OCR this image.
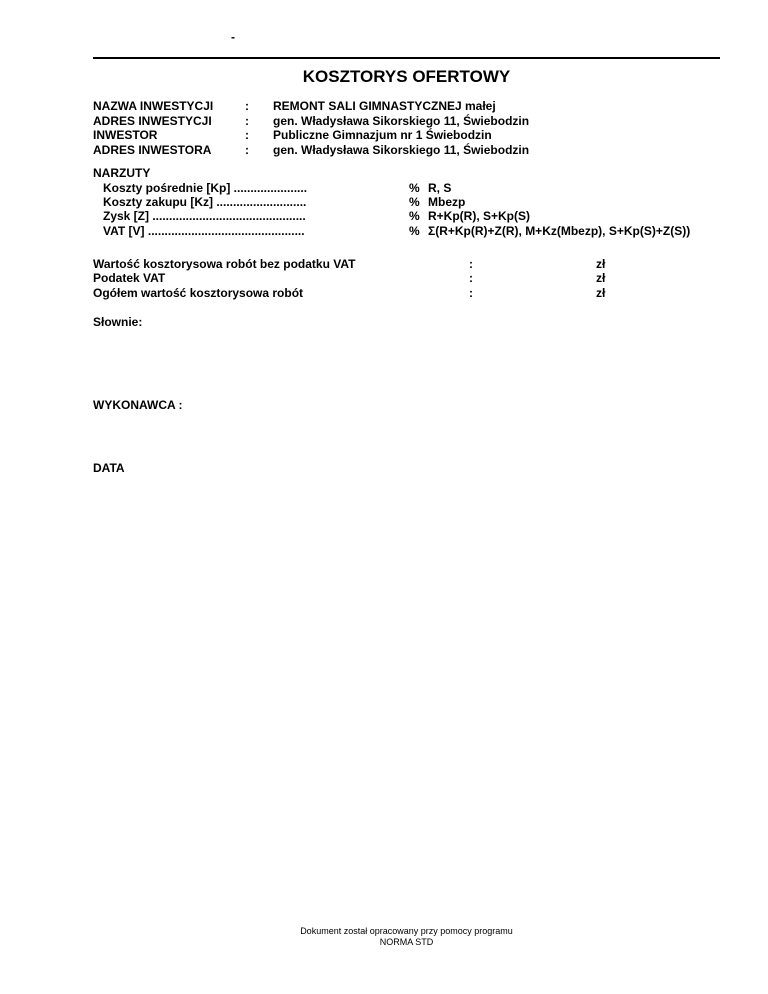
-
KOSZTORYS OFERTOWY
NAZWA INWESTYCJI	: REMONT SALI GIMNASTYCZNEJ małej
ADRES INWESTYCJI	: gen. Władysława Sikorskiego 11, Świebodzin
INWESTOR	: Publiczne Gimnazjum nr 1 Świebodzin
ADRES INWESTORA	: gen. Władysława Sikorskiego 11, Świebodzin
NARZUTY
Koszty pośrednie [Kp] ......................	% R, S
Koszty zakupu [Kz] ...........................	% Mbezp
Zysk [Z] ..............................................	% R+Kp(R), S+Kp(S)
VAT [V] ...............................................	% Σ(R+Kp(R)+Z(R), M+Kz(Mbezp), S+Kp(S)+Z(S))
Wartość kosztorysowa robót bez podatku VAT	:	zł
Podatek VAT	:	zł
Ogółem wartość kosztorysowa robót	:	zł
Słownie:
WYKONAWCA :
DATA
Dokument został opracowany przy pomocy programu
NORMA STD
